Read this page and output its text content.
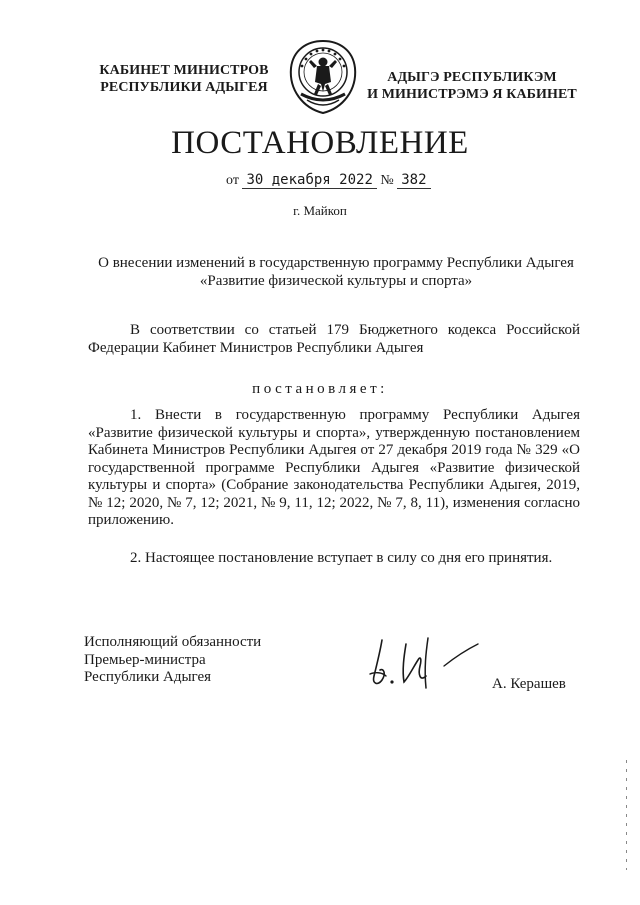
КАБИНЕТ МИНИСТРОВ
РЕСПУБЛИКИ АДЫГЕЯ
АДЫГЭ РЕСПУБЛИКЭМ
И МИНИСТРЭМЭ Я КАБИНЕТ
ПОСТАНОВЛЕНИЕ
от 30 декабря 2022 № 382
г. Майкоп
О внесении изменений в государственную программу Республики Адыгея
«Развитие физической культуры и спорта»
В соответствии со статьей 179 Бюджетного кодекса Российской Федерации Кабинет Министров Республики Адыгея
постановляет:
1. Внести в государственную программу Республики Адыгея «Развитие физической культуры и спорта», утвержденную постановлением Кабинета Министров Республики Адыгея от 27 декабря 2019 года № 329 «О государственной программе Республики Адыгея «Развитие физической культуры и спорта» (Собрание законодательства Республики Адыгея, 2019, № 12; 2020, № 7, 12; 2021, № 9, 11, 12; 2022, № 7, 8, 11), изменения согласно приложению.
2. Настоящее постановление вступает в силу со дня его принятия.
Исполняющий обязанности
Премьер-министра
Республики Адыгея	А. Керашев
